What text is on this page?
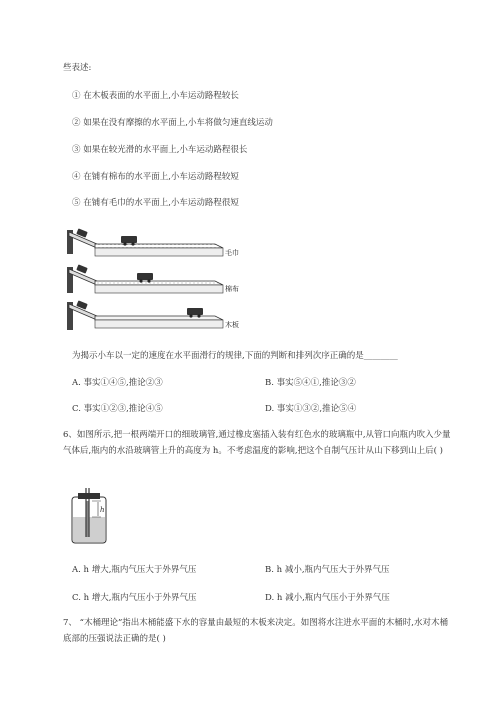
些表述:
① 在木板表面的水平面上,小车运动路程较长
② 如果在没有摩擦的水平面上,小车将做匀速直线运动
③ 如果在较光滑的水平面上,小车运动路程很长
④ 在铺有棉布的水平面上,小车运动路程较短
⑤ 在铺有毛巾的水平面上,小车运动路程很短
毛巾
棉布
木板
为揭示小车以一定的速度在水平面滑行的规律,下面的判断和排列次序正确的是________
A. 事实①④⑤,推论②③	B. 事实⑤④①,推论③②
C. 事实①②③,推论④⑤	D. 事实①③②,推论⑤④
6、如图所示,把一根两端开口的细玻璃管,通过橡皮塞插入装有红色水的玻璃瓶中,从管口向瓶内吹入少量气体后,瓶内的水沿玻璃管上升的高度为 h。不考虑温度的影响,把这个自制气压计从山下移到山上后( )
h
A. h 增大,瓶内气压大于外界气压	B. h 减小,瓶内气压大于外界气压
C. h 增大,瓶内气压小于外界气压	D. h 减小,瓶内气压小于外界气压
7、 “木桶理论”指出木桶能盛下水的容量由最短的木板来决定。如图将水注进水平面的木桶时,水对木桶底部的压强说法正确的是( )
